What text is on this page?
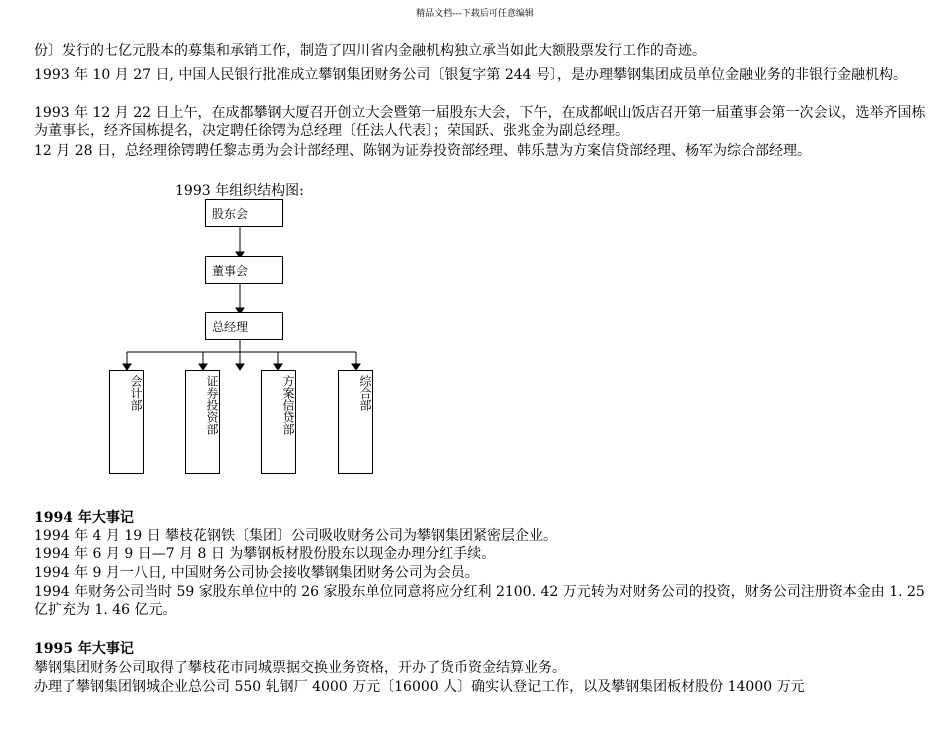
精品文档---下载后可任意编辑

份〕发行的七亿元股本的募集和承销工作，制造了四川省内金融机构独立承当如此大额股票发行工作的奇迹。

1993 年 10 月 27 日, 中国人民银行批准成立攀钢集团财务公司〔银复字第 244 号〕，是办理攀钢集团成员单位金融业务的非银行金融机构。

1993 年 12 月 22 日上午，在成都攀钢大厦召开创立大会暨第一届股东大会，下午，在成都岷山饭店召开第一届董事会第一次会议，选举齐国栋为董事长，经齐国栋提名，决定聘任徐锷为总经理〔任法人代表〕；荣国跃、张兆金为副总经理。

12 月 28 日，总经理徐锷聘任黎志勇为会计部经理、陈钢为证券投资部经理、韩乐慧为方案信贷部经理、杨军为综合部经理。

1993 年组织结构图:
股东会
董事会
总经理
会计部	证券投资部	方案信贷部	综合部

1994 年大事记

1994 年 4 月 19 日 攀枝花钢铁〔集团〕公司吸收财务公司为攀钢集团紧密层企业。

1994 年 6 月 9 日—7 月 8 日 为攀钢板材股份股东以现金办理分红手续。

1994 年 9 月一八日, 中国财务公司协会接收攀钢集团财务公司为会员。

1994 年财务公司当时 59 家股东单位中的 26 家股东单位同意将应分红利 2100. 42 万元转为对财务公司的投资，财务公司注册资本金由 1. 25 亿扩充为 1. 46 亿元。

1995 年大事记

攀钢集团财务公司取得了攀枝花市同城票据交换业务资格，开办了货币资金结算业务。

办理了攀钢集团钢城企业总公司 550 轧钢厂 4000 万元〔16000 人〕确实认登记工作，以及攀钢集团板材股份 14000 万元
